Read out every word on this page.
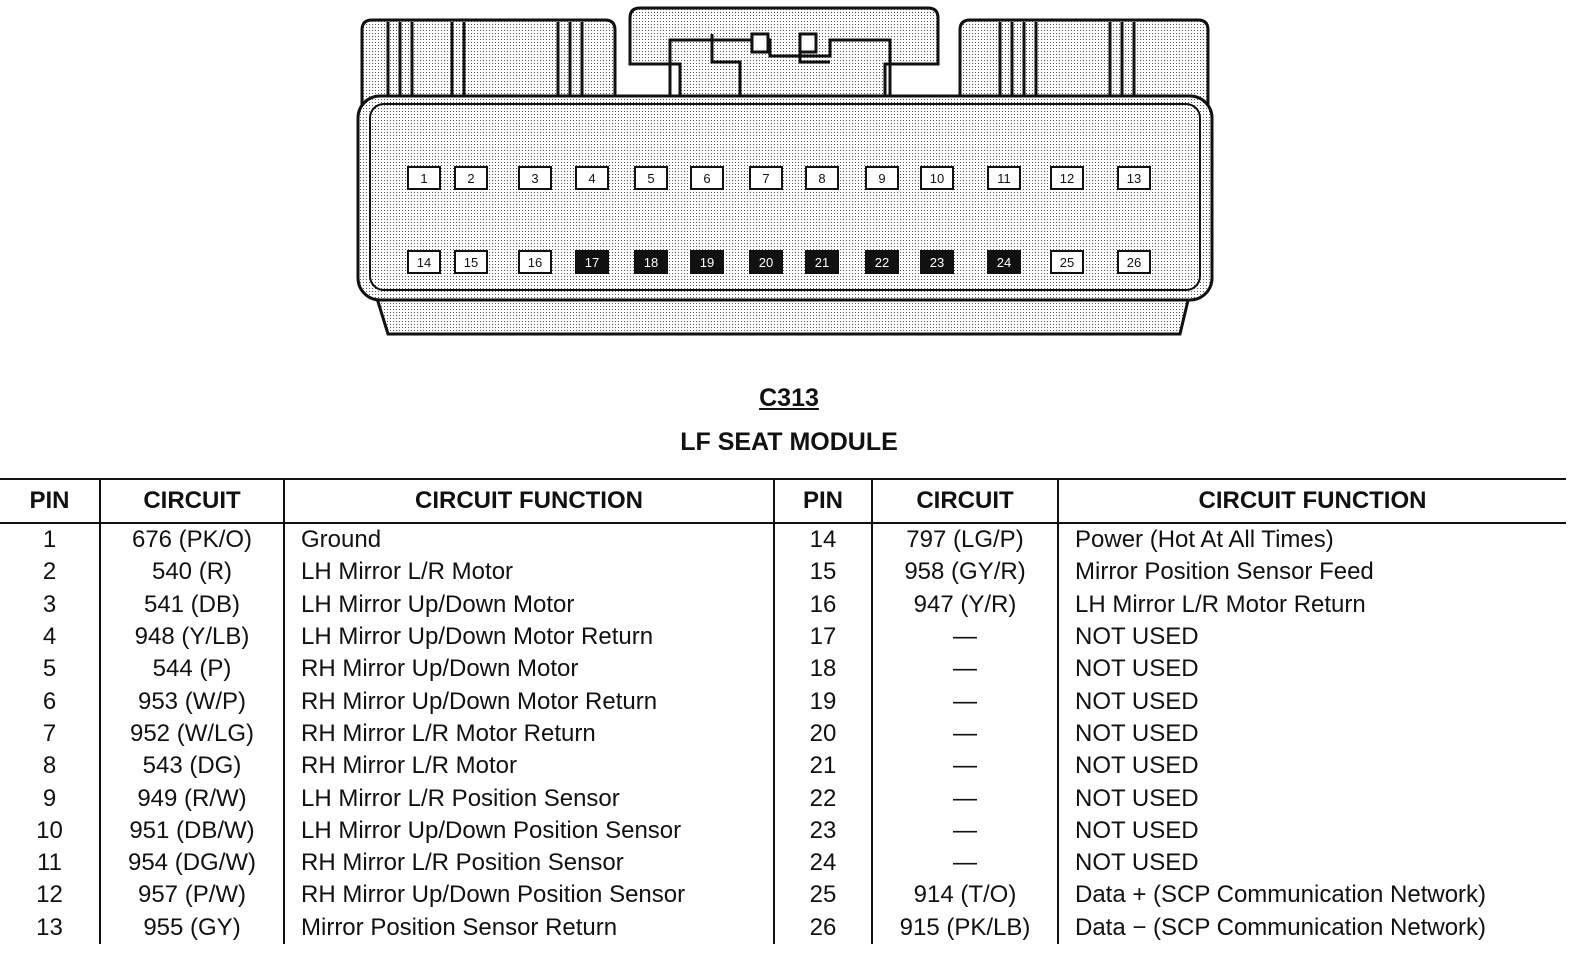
1	2	3	4	5	6	7	8	9	10	11	12	13
14	15	16	17	18	19	20	21	22	23	24	25	26
C313
LF SEAT MODULE
PIN	CIRCUIT	CIRCUIT FUNCTION	PIN	CIRCUIT	CIRCUIT FUNCTION
1	676 (PK/O)	Ground	14	797 (LG/P)	Power (Hot At All Times)
2	540 (R)	LH Mirror L/R Motor	15	958 (GY/R)	Mirror Position Sensor Feed
3	541 (DB)	LH Mirror Up/Down Motor	16	947 (Y/R)	LH Mirror L/R Motor Return
4	948 (Y/LB)	LH Mirror Up/Down Motor Return	17	—	NOT USED
5	544 (P)	RH Mirror Up/Down Motor	18	—	NOT USED
6	953 (W/P)	RH Mirror Up/Down Motor Return	19	—	NOT USED
7	952 (W/LG)	RH Mirror L/R Motor Return	20	—	NOT USED
8	543 (DG)	RH Mirror L/R Motor	21	—	NOT USED
9	949 (R/W)	LH Mirror L/R Position Sensor	22	—	NOT USED
10	951 (DB/W)	LH Mirror Up/Down Position Sensor	23	—	NOT USED
11	954 (DG/W)	RH Mirror L/R Position Sensor	24	—	NOT USED
12	957 (P/W)	RH Mirror Up/Down Position Sensor	25	914 (T/O)	Data + (SCP Communication Network)
13	955 (GY)	Mirror Position Sensor Return	26	915 (PK/LB)	Data − (SCP Communication Network)
